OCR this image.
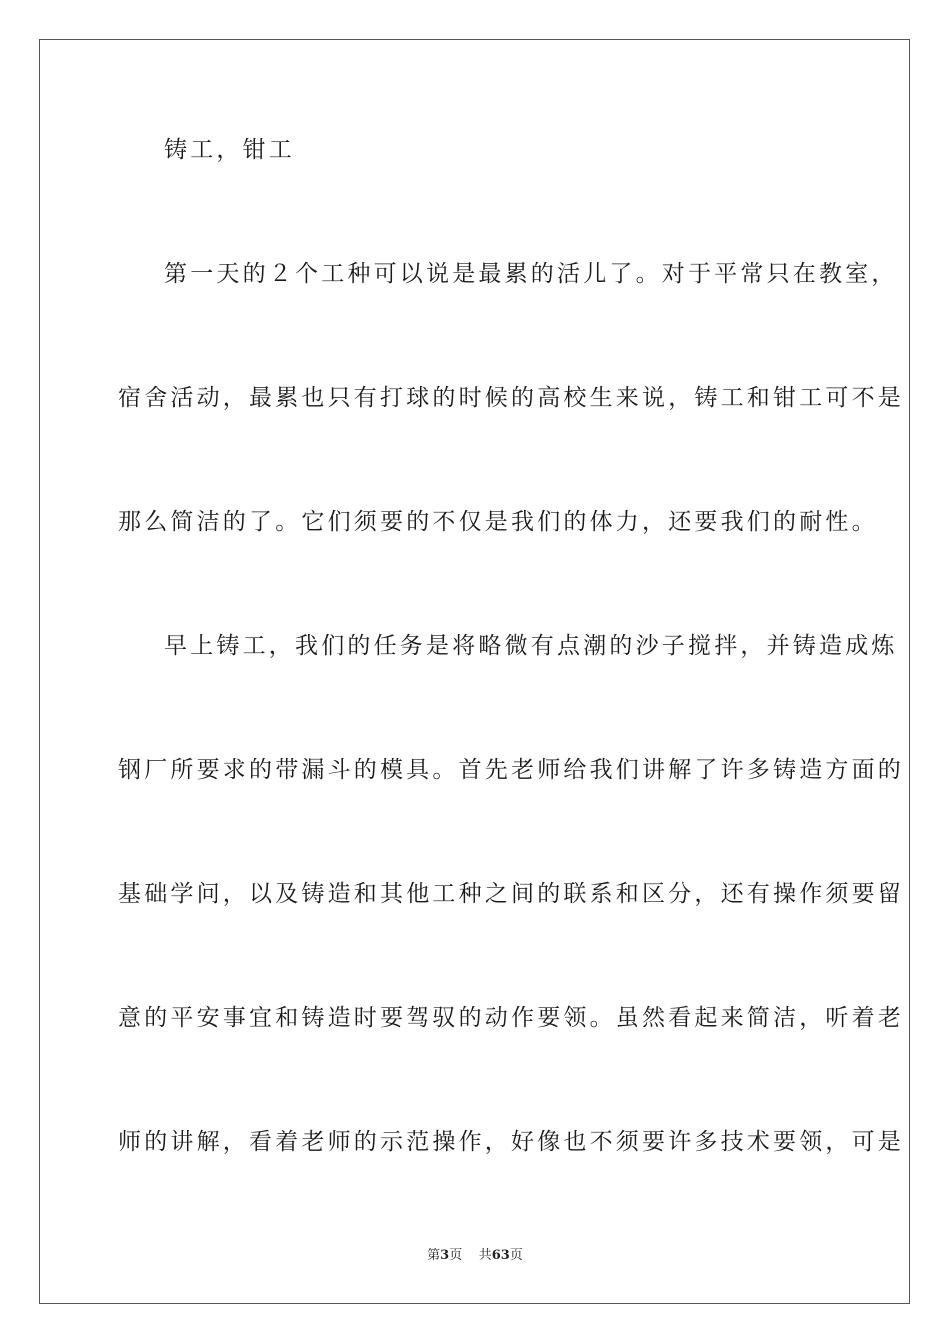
铸工，钳工
第一天的２个工种可以说是最累的活儿了。对于平常只在教室，
宿舍活动，最累也只有打球的时候的高校生来说，铸工和钳工可不是
那么简洁的了。它们须要的不仅是我们的体力，还要我们的耐性。
早上铸工，我们的任务是将略微有点潮的沙子搅拌，并铸造成炼
钢厂所要求的带漏斗的模具。首先老师给我们讲解了许多铸造方面的
基础学问，以及铸造和其他工种之间的联系和区分，还有操作须要留
意的平安事宜和铸造时要驾驭的动作要领。虽然看起来简洁，听着老
师的讲解，看着老师的示范操作，好像也不须要许多技术要领，可是
第3页 共63页
